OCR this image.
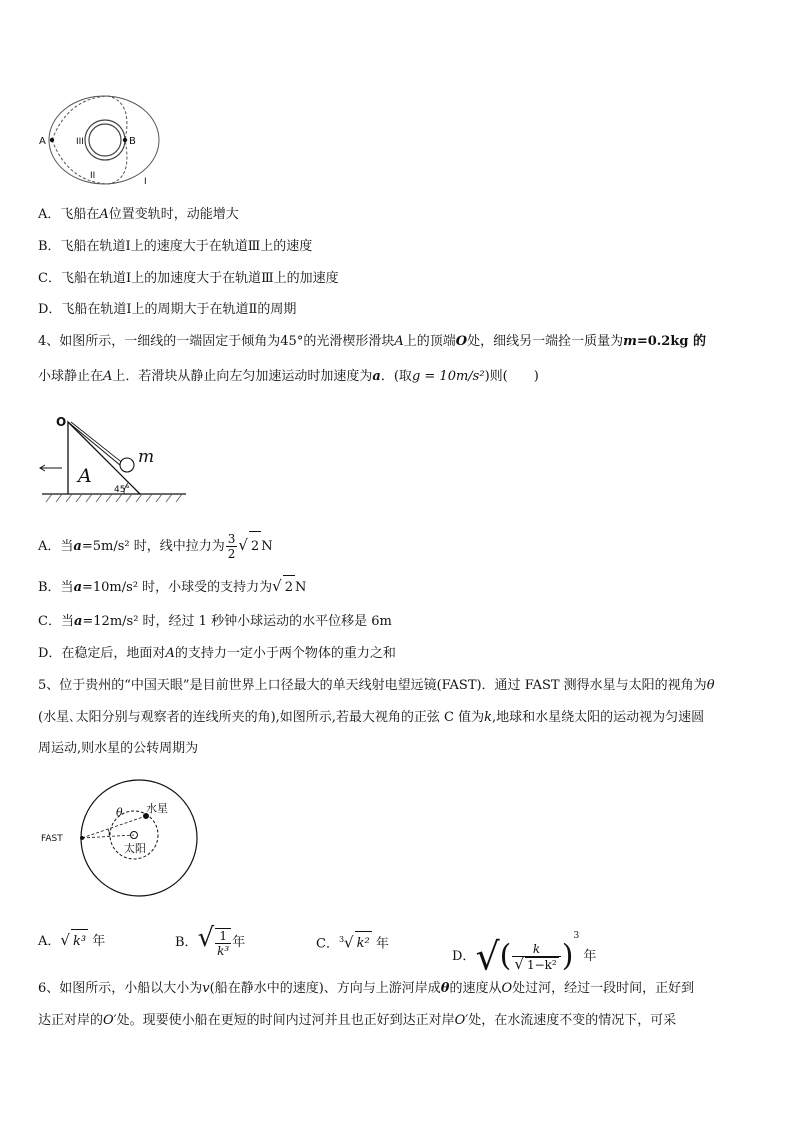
A	B
III
II
I
A．飞船在A位置变轨时，动能增大
B．飞船在轨道Ⅰ上的速度大于在轨道Ⅲ上的速度
C．飞船在轨道Ⅰ上的加速度大于在轨道Ⅲ上的加速度
D．飞船在轨道Ⅰ上的周期大于在轨道Ⅱ的周期
4、如图所示，一细线的一端固定于倾角为45°的光滑楔形滑块A上的顶端O处，细线另一端拴一质量为m=0.2kg 的
小球静止在A上．若滑块从静止向左匀加速运动时加速度为a．(取g = 10m/s²)则(　　)
O
m
A
45°
A．当a=5m/s² 时，线中拉力为 $\frac{3}{2}$ √ 2 N
B．当a=10m/s² 时，小球受的支持力为√ 2 N
C．当a=12m/s² 时，经过 1 秒钟小球运动的水平位移是 6m
D．在稳定后，地面对A的支持力一定小于两个物体的重力之和
5、位于贵州的“中国天眼”是目前世界上口径最大的单天线射电望远镜(FAST)．通过 FAST 测得水星与太阳的视角为θ
(水星､太阳分别与观察者的连线所夹的角),如图所示,若最大视角的正弦 C 值为k,地球和水星绕太阳的运动视为匀速圆
周运动,则水星的公转周期为
FAST
θ 水星
太阳
A．√ k³ 年	B．√ $\frac{1}{\text{k³}}$ 年	C．$^3$√ k² 年
D．√( $\frac{k}{\text{√ 1−k²}} )^3$ 年
6、如图所示，小船以大小为v(船在静水中的速度)、方向与上游河岸成θ的速度从O处过河，经过一段时间，正好到
达正对岸的O′处。现要使小船在更短的时间内过河并且也正好到达正对岸O′处，在水流速度不变的情况下，可采
